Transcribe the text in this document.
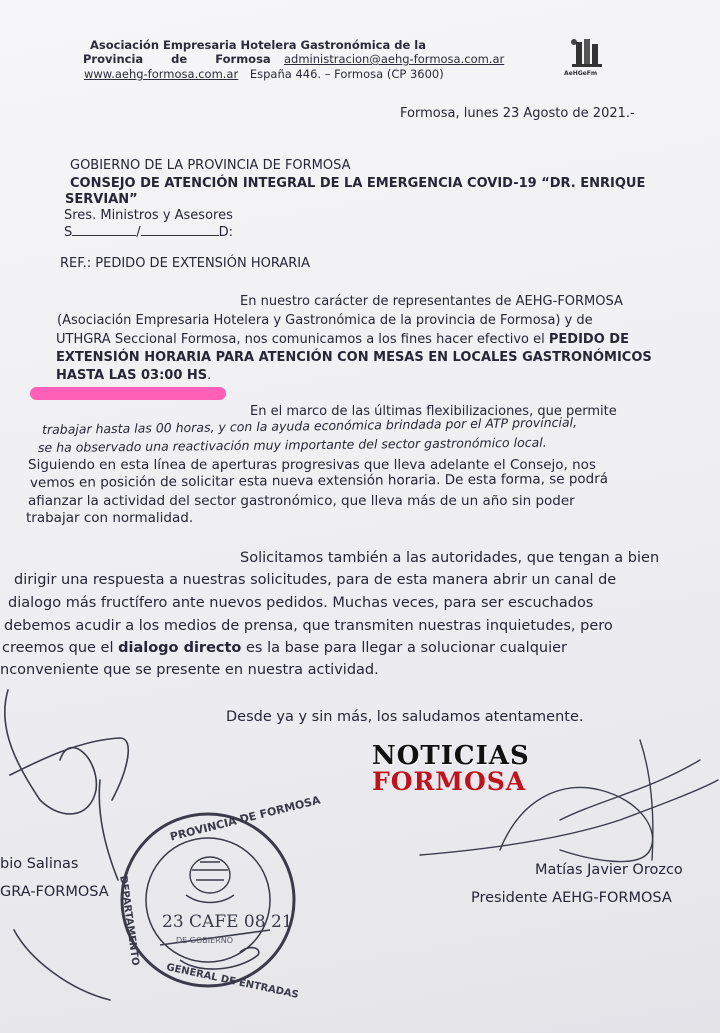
Asociación Empresaria Hotelera Gastronómica de la
Provincia de Formosa administracion@aehg-formosa.com.ar
www.aehg-formosa.com.ar España 446. – Formosa (CP 3600)	AeHGeFm
Formosa, lunes 23 Agosto de 2021.-
GOBIERNO DE LA PROVINCIA DE FORMOSA
CONSEJO DE ATENCIÓN INTEGRAL DE LA EMERGENCIA COVID-19 “DR. ENRIQUE
SERVIAN”
Sres. Ministros y Asesores
S	/	D:
REF.: PEDIDO DE EXTENSIÓN HORARIA
En nuestro carácter de representantes de AEHG-FORMOSA
(Asociación Empresaria Hotelera y Gastronómica de la provincia de Formosa) y de
UTHGRA Seccional Formosa, nos comunicamos a los fines hacer efectivo el PEDIDO DE
EXTENSIÓN HORARIA PARA ATENCIÓN CON MESAS EN LOCALES GASTRONÓMICOS
HASTA LAS 03:00 HS.
En el marco de las últimas flexibilizaciones, que permite
trabajar hasta las 00 horas, y con la ayuda económica brindada por el ATP provincial,
se ha observado una reactivación muy importante del sector gastronómico local.
Siguiendo en esta línea de aperturas progresivas que lleva adelante el Consejo, nos
vemos en posición de solicitar esta nueva extensión horaria. De esta forma, se podrá
afianzar la actividad del sector gastronómico, que lleva más de un año sin poder
trabajar con normalidad.
Solicitamos también a las autoridades, que tengan a bien
dirigir una respuesta a nuestras solicitudes, para de esta manera abrir un canal de
dialogo más fructífero ante nuevos pedidos. Muchas veces, para ser escuchados
debemos acudir a los medios de prensa, que transmiten nuestras inquietudes, pero
creemos que el dialogo directo es la base para llegar a solucionar cualquier
nconveniente que se presente en nuestra actividad.
Desde ya y sin más, los saludamos atentamente.
PROVINCIA DE FORMOSA
DEPARTAMENTO
GENERAL DE ENTRADAS
23 CAFE 08 21
DE GOBIERNO
bio Salinas
GRA-FORMOSA
Matías Javier Orozco
Presidente AEHG-FORMOSA
NOTICIAS
FORMOSA
